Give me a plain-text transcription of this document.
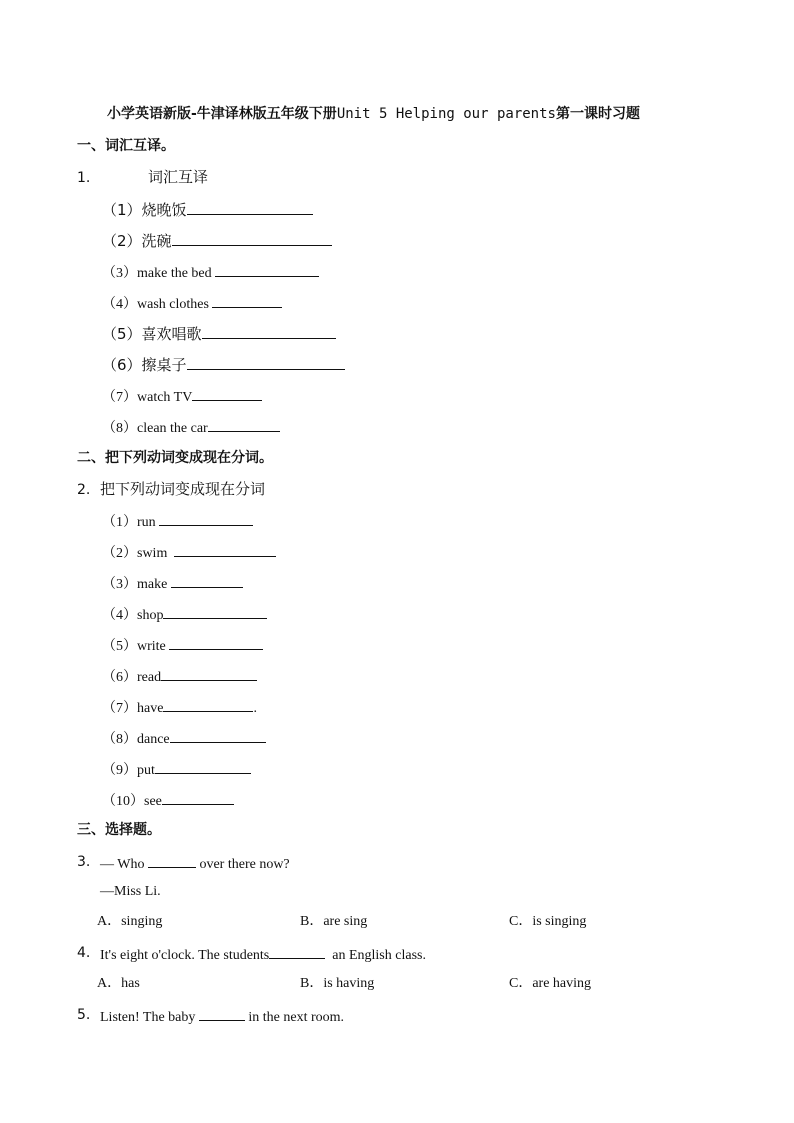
小学英语新版-牛津译林版五年级下册Unit 5 Helping our parents第一课时习题
一、词汇互译。
1.	词汇互译
（1）烧晚饭
（2）洗碗
（3）make the bed
（4）wash clothes
（5）喜欢唱歌
（6）擦桌子
（7）watch TV
（8）clean the car
二、把下列动词变成现在分词。
2. 把下列动词变成现在分词
（1）run
（2）swim
（3）make
（4）shop
（5）write
（6）read
（7）have	.
（8）dance
（9）put
（10）see
三、选择题。
3. — Who	over there now?
—Miss Li.
A．singing	B．are sing	C．is singing
4. It's eight o'clock. The students	an English class.
A．has	B．is having	C．are having
5. Listen! The baby	in the next room.
